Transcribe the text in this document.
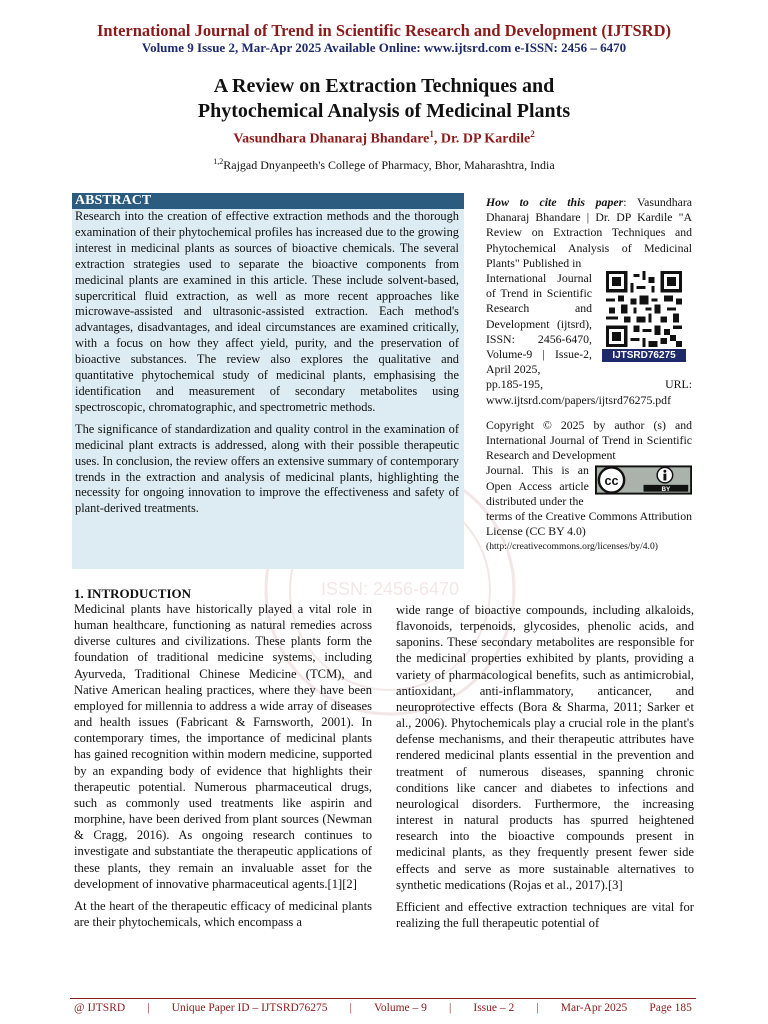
International Journal of Trend in Scientific Research and Development (IJTSRD)
Volume 9 Issue 2, Mar-Apr 2025 Available Online: www.ijtsrd.com e-ISSN: 2456 – 6470
A Review on Extraction Techniques and
Phytochemical Analysis of Medicinal Plants
Vasundhara Dhanaraj Bhandare$^1$, Dr. DP Kardile$^2$
$^{1,2}$Rajgad Dnyanpeeth's College of Pharmacy, Bhor, Maharashtra, India
ISSN: 2456-6470
ABSTRACT

Research into the creation of effective extraction methods and the thorough examination of their phytochemical profiles has increased due to the growing interest in medicinal plants as sources of bioactive chemicals. The several extraction strategies used to separate the bioactive components from medicinal plants are examined in this article. These include solvent-based, supercritical fluid extraction, as well as more recent approaches like microwave-assisted and ultrasonic-assisted extraction. Each method's advantages, disadvantages, and ideal circumstances are examined critically, with a focus on how they affect yield, purity, and the preservation of bioactive substances. The review also explores the qualitative and quantitative phytochemical study of medicinal plants, emphasising the identification and measurement of secondary metabolites using spectroscopic, chromatographic, and spectrometric methods.

The significance of standardization and quality control in the examination of medicinal plant extracts is addressed, along with their possible therapeutic uses. In conclusion, the review offers an extensive summary of contemporary trends in the extraction and analysis of medicinal plants, highlighting the necessity for ongoing innovation to improve the effectiveness and safety of plant-derived treatments.

How to cite this paper: Vasundhara Dhanaraj Bhandare | Dr. DP Kardile "A Review on Extraction Techniques and Phytochemical Analysis of Medicinal Plants" Published in

International Journal of Trend in Scientific Research and Development (ijtsrd), ISSN: 2456-6470, Volume-9 | Issue-2, April 2025,
IJTSRD76275
pp.185-195,	URL:

www.ijtsrd.com/papers/ijtsrd76275.pdf

Copyright © 2025 by author (s) and International Journal of Trend in Scientific Research and Development

Journal. This is an Open Access article distributed under the
cc
BY

terms of the Creative Commons Attribution License (CC BY 4.0)

(http://creativecommons.org/licenses/by/4.0)

1. INTRODUCTION

Medicinal plants have historically played a vital role in human healthcare, functioning as natural remedies across diverse cultures and civilizations. These plants form the foundation of traditional medicine systems, including Ayurveda, Traditional Chinese Medicine (TCM), and Native American healing practices, where they have been employed for millennia to address a wide array of diseases and health issues (Fabricant & Farnsworth, 2001). In contemporary times, the importance of medicinal plants has gained recognition within modern medicine, supported by an expanding body of evidence that highlights their therapeutic potential. Numerous pharmaceutical drugs, such as commonly used treatments like aspirin and morphine, have been derived from plant sources (Newman & Cragg, 2016). As ongoing research continues to investigate and substantiate the therapeutic applications of these plants, they remain an invaluable asset for the development of innovative pharmaceutical agents.[1][2]

At the heart of the therapeutic efficacy of medicinal plants are their phytochemicals, which encompass a

wide range of bioactive compounds, including alkaloids, flavonoids, terpenoids, glycosides, phenolic acids, and saponins. These secondary metabolites are responsible for the medicinal properties exhibited by plants, providing a variety of pharmacological benefits, such as antimicrobial, antioxidant, anti-inflammatory, anticancer, and neuroprotective effects (Bora & Sharma, 2011; Sarker et al., 2006). Phytochemicals play a crucial role in the plant's defense mechanisms, and their therapeutic attributes have rendered medicinal plants essential in the prevention and treatment of numerous diseases, spanning chronic conditions like cancer and diabetes to infections and neurological disorders. Furthermore, the increasing interest in natural products has spurred heightened research into the bioactive compounds present in medicinal plants, as they frequently present fewer side effects and serve as more sustainable alternatives to synthetic medications (Rojas et al., 2017).[3]

Efficient and effective extraction techniques are vital for realizing the full therapeutic potential of

@ IJTSRD | Unique Paper ID – IJTSRD76275 | Volume – 9 | Issue – 2 | Mar-Apr 2025 Page 185
